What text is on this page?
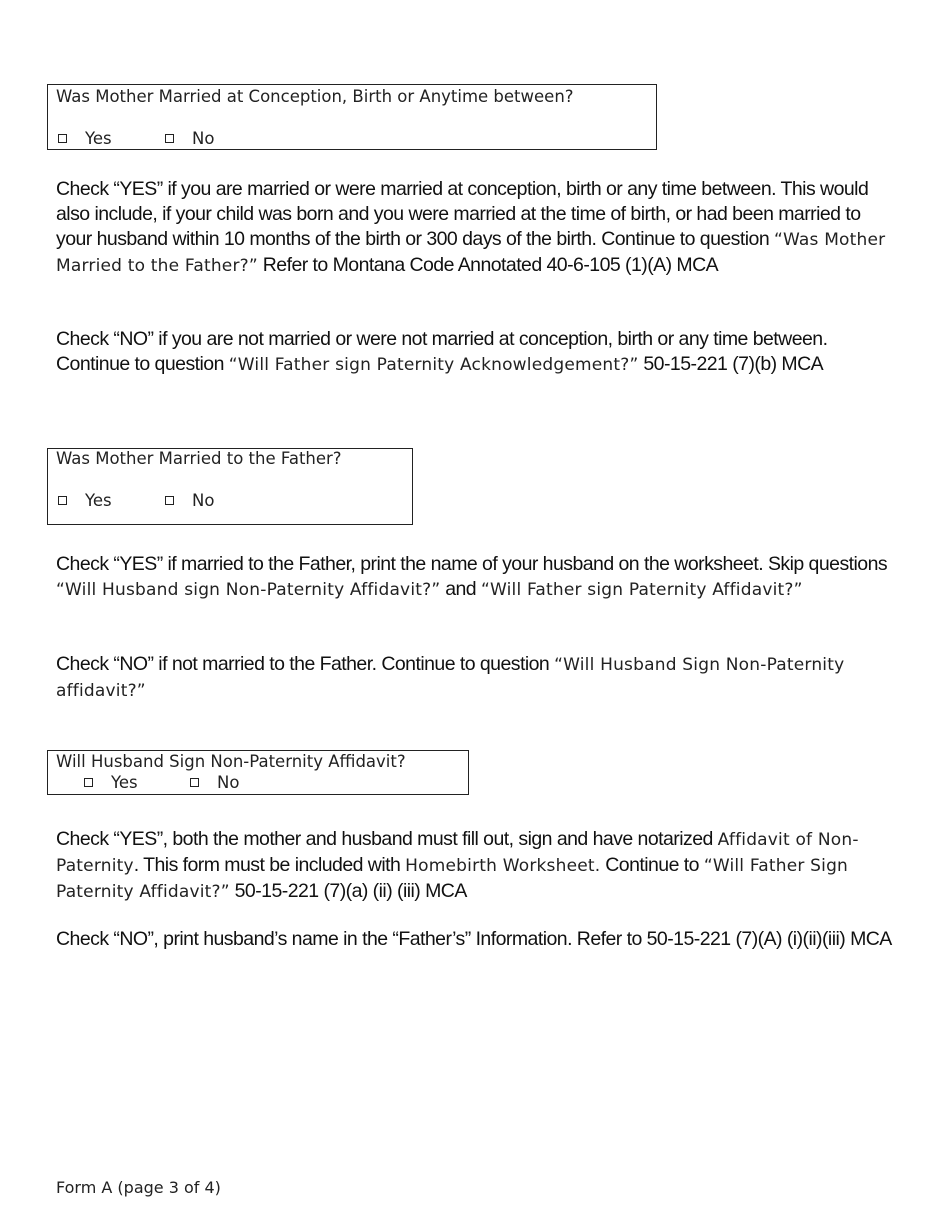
Was Mother Married at Conception, Birth or Anytime between?
Yes	No

Check “YES” if you are married or were married at conception, birth or any time between. This would also include, if your child was born and you were married at the time of birth, or had been married to your husband within 10 months of the birth or 300 days of the birth. Continue to question “Was Mother Married to the Father?” Refer to Montana Code Annotated 40-6-105 (1)(A) MCA

Check “NO” if you are not married or were not married at conception, birth or any time between. Continue to question “Will Father sign Paternity Acknowledgement?” 50-15-221 (7)(b) MCA

Was Mother Married to the Father?
Yes	No

Check “YES” if married to the Father, print the name of your husband on the worksheet. Skip questions “Will Husband sign Non-Paternity Affidavit?” and “Will Father sign Paternity Affidavit?”

Check “NO” if not married to the Father. Continue to question “Will Husband Sign Non-Paternity affidavit?”

Will Husband Sign Non-Paternity Affidavit?
Yes	No

Check “YES”, both the mother and husband must fill out, sign and have notarized Affidavit of Non-Paternity. This form must be included with Homebirth Worksheet. Continue to “Will Father Sign Paternity Affidavit?” 50-15-221 (7)(a) (ii) (iii) MCA

Check “NO”, print husband’s name in the “Father’s” Information. Refer to 50-15-221 (7)(A) (i)(ii)(iii) MCA

Form A (page 3 of 4)
